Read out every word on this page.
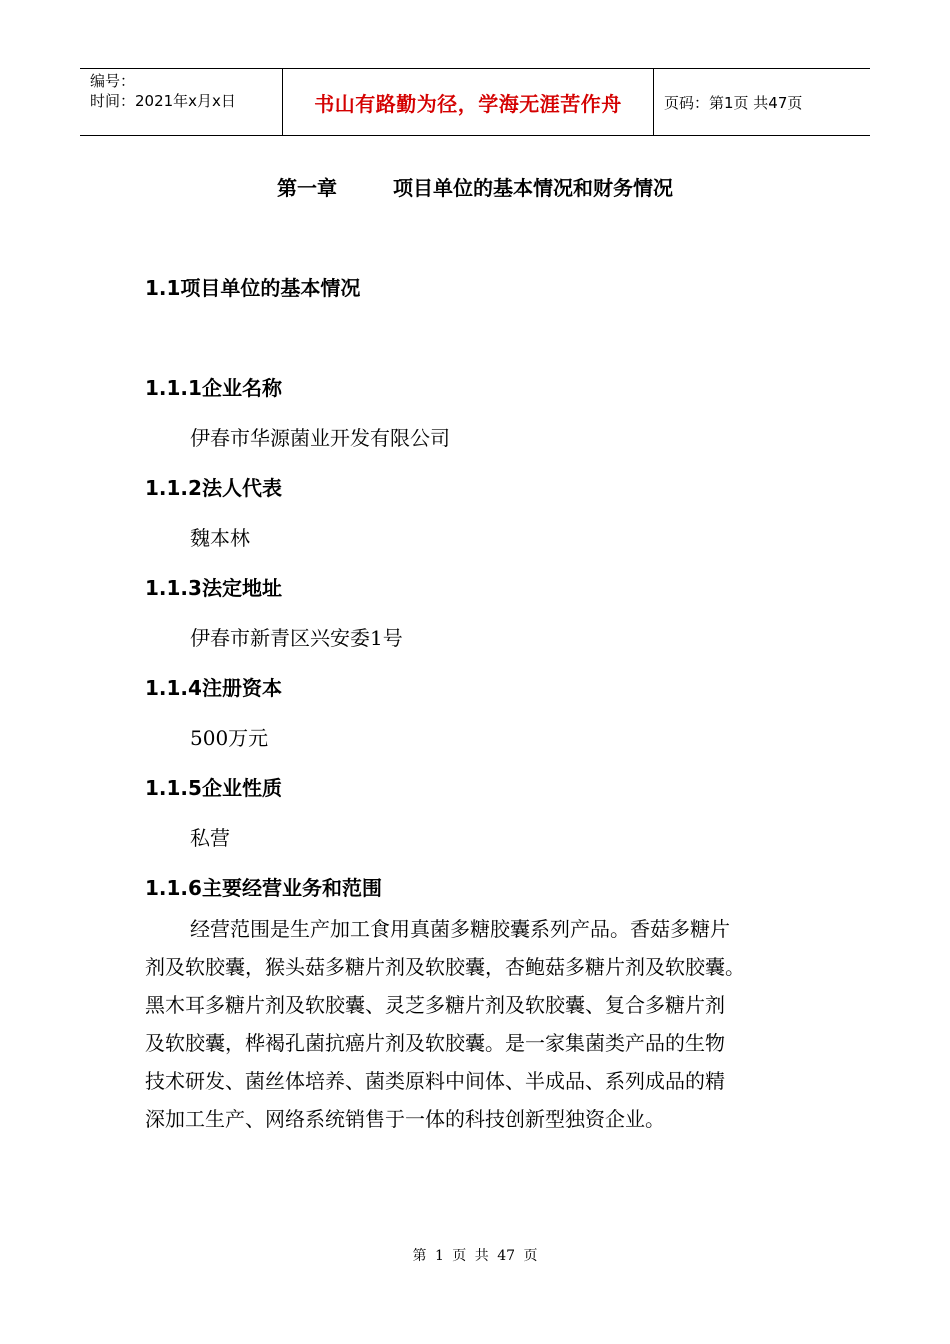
编号：
时间：2021年x月x日	书山有路勤为径，学海无涯苦作舟	页码：第1页 共47页
第一章	项目单位的基本情况和财务情况
1.1项目单位的基本情况
1.1.1企业名称
伊春市华源菌业开发有限公司
1.1.2法人代表
魏本林
1.1.3法定地址
伊春市新青区兴安委1号
1.1.4注册资本
500万元
1.1.5企业性质
私营
1.1.6主要经营业务和范围
经营范围是生产加工食用真菌多糖胶囊系列产品。香菇多糖片
剂及软胶囊，猴头菇多糖片剂及软胶囊，杏鲍菇多糖片剂及软胶囊。
黑木耳多糖片剂及软胶囊、灵芝多糖片剂及软胶囊、复合多糖片剂
及软胶囊，桦褐孔菌抗癌片剂及软胶囊。是一家集菌类产品的生物
技术研发、菌丝体培养、菌类原料中间体、半成品、系列成品的精
深加工生产、网络系统销售于一体的科技创新型独资企业。
第 1 页 共 47 页
